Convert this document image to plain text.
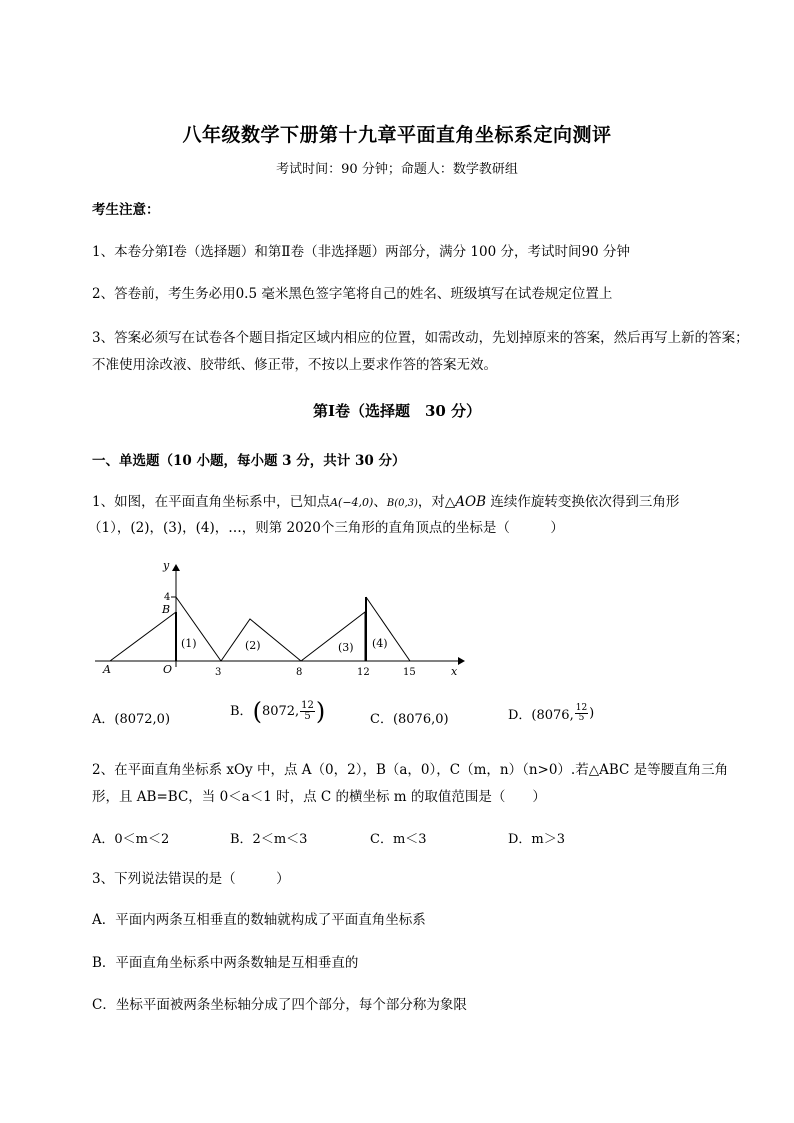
八年级数学下册第十九章平面直角坐标系定向测评
考试时间：90 分钟；命题人：数学教研组
考生注意：
1、本卷分第Ⅰ卷（选择题）和第Ⅱ卷（非选择题）两部分，满分 100 分，考试时间90 分钟
2、答卷前，考生务必用0.5 毫米黑色签字笔将自己的姓名、班级填写在试卷规定位置上
3、答案必须写在试卷各个题目指定区域内相应的位置，如需改动，先划掉原来的答案，然后再写上新的答案；不准使用涂改液、胶带纸、修正带，不按以上要求作答的答案无效。
第Ⅰ卷（选择题　30 分）
一、单选题（10 小题，每小题 3 分，共计 30 分）
1、如图，在平面直角坐标系中，已知点A(−4,0)、B(0,3)，对△AOB 连续作旋转变换依次得到三角形
（1），(2)，(3)，(4)，…，则第 2020个三角形的直角顶点的坐标是（　　　）
y
x
O
A
B
4
3	8	12	15
(1)	(2)	(3) (4)
A．(8072,0)
B．(8072, $\frac{12}{5}$ )	C．(8076,0)	D．(8076, $\frac{12}{5}$ )
2、在平面直角坐标系 xOy 中，点 A（0，2），B（a，0），C（m，n）（n>0）.若△ABC 是等腰直角三角
形，且 AB=BC，当 0＜a＜1 时，点 C 的横坐标 m 的取值范围是（　　）
A．0＜m＜2	B．2＜m＜3	C．m＜3	D．m＞3
3、下列说法错误的是（　　　）
A．平面内两条互相垂直的数轴就构成了平面直角坐标系
B．平面直角坐标系中两条数轴是互相垂直的
C．坐标平面被两条坐标轴分成了四个部分，每个部分称为象限
